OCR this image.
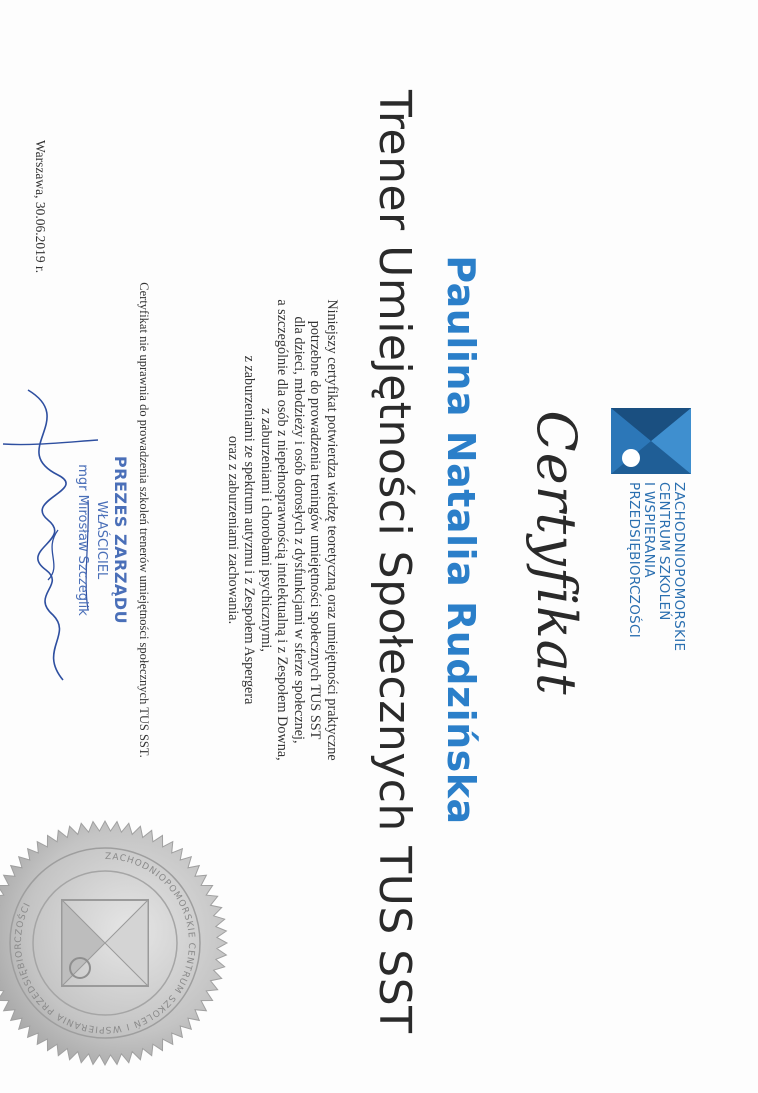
ZACHODNIOPOMORSKIE
CENTRUM SZKOLEŃ
I WSPIERANIA
PRZEDSIĘBIORCZOŚCI
Certyfikat
Paulina Natalia Rudzińska
Trener Umiejętności Społecznych TUS SST
Niniejszy certyfikat potwierdza wiedzę teoretyczną oraz umiejętności praktyczne
potrzebne do prowadzenia treningów umiejętności społecznych TUS SST
dla dzieci, młodzieży i osób dorosłych z dysfunkcjami w sferze społecznej,
a szczególnie dla osób z niepełnosprawnością intelektualną i z Zespołem Downa,
z zaburzeniami i chorobami psychicznymi,
z zaburzeniami ze spektrum autyzmu i z Zespołem Aspergera
oraz z zaburzeniami zachowania.
Certyfikat nie uprawnia do prowadzenia szkoleń trenerów umiejętności społecznych TUS SST.
Warszawa, 30.06.2019 r.
PREZES ZARZĄDU
WŁAŚCICIEL
mgr Mirosław Szczeglik
ZACHODNIOPOMORSKIE CENTRUM SZKOLEŃ I WSPIERANIA PRZEDSIĘBIORCZOŚCI
